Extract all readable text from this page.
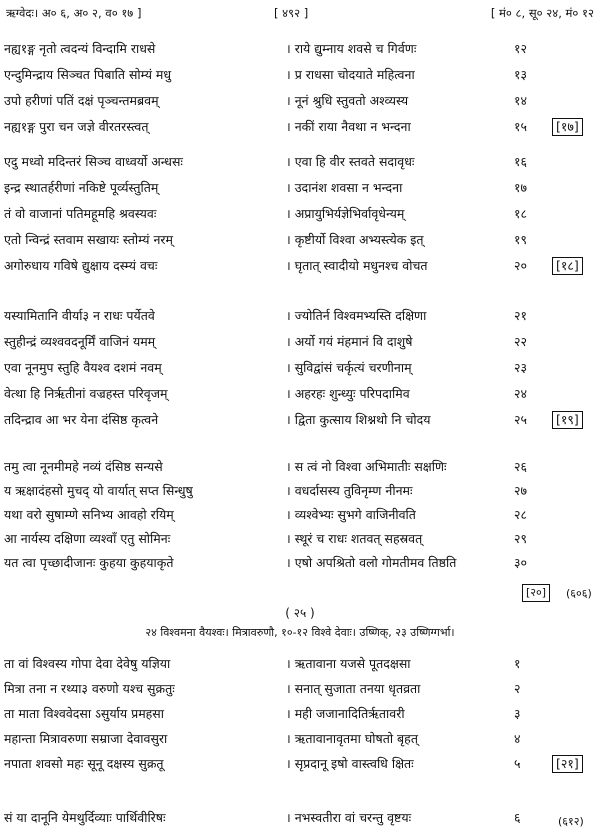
ऋग्वेदः। अ० ६, अ० २, व० १७ ]	[ ४९२ ]	[ मं० ८, सू० २४, मं० १२
नह्य१ङ्ग नृतो त्वदन्यं विन्दामि राधसे	। राये द्युम्नाय शवसे च गिर्वणः	१२
एन्दुमिन्द्राय सिञ्चत पिबाति सोम्यं मधु	। प्र राधसा चोदयाते महित्वना	१३
उपो हरीणां पतिं दक्षं पृञ्चन्तमब्रवम्	। नूनं श्रुधि स्तुवतो अश्व्यस्य	१४
नह्य१ङ्ग पुरा चन जज्ञे वीरतरस्त्वत्	। नकीं राया नैवथा न भन्दना	१५	[१७]
एदु मध्वो मदिन्तरं सिञ्च वाध्वर्यो अन्धसः	। एवा हि वीर स्तवते सदावृधः	१६
इन्द्र स्थातर्हरीणां नकिष्टे पूर्व्यस्तुतिम्	। उदानंश शवसा न भन्दना	१७
तं वो वाजानां पतिमहूमहि श्रवस्यवः	। अप्रायुभिर्यज्ञेभिर्वावृधेन्यम्	१८
एतो न्विन्द्रं स्तवाम सखायः स्तोम्यं नरम्	। कृष्टीर्यो विश्वा अभ्यस्त्येक इत्	१९
अगोरुधाय गविषे द्युक्षाय दस्म्यं वचः	। घृतात् स्वादीयो मधुनश्च वोचत	२०	[१८]
यस्यामितानि वीर्या३ न राधः पर्येतवे	। ज्योतिर्न विश्वमभ्यस्ति दक्षिणा	२१
स्तुहीन्द्रं व्यश्ववदनूर्मिं वाजिनं यमम्	। अर्यो गयं मंहमानं वि दाशुषे	२२
एवा नूनमुप स्तुहि वैयश्व दशमं नवम्	। सुविद्वांसं चर्कृत्यं चरणीनाम्	२३
वेत्था हि निर्ऋतीनां वज्रहस्त परिवृजम्	। अहरहः शुन्ध्युः परिपदामिव	२४
तदिन्द्राव आ भर येना दंसिष्ठ कृत्वने	। द्विता कुत्साय शिश्नथो नि चोदय	२५	[१९]
तमु त्वा नूनमीमहे नव्यं दंसिष्ठ सन्यसे	। स त्वं नो विश्वा अभिमातीः सक्षणिः	२६
य ऋक्षादंहसो मुचद् यो वार्यात् सप्त सिन्धुषु	। वधर्दासस्य तुविनृम्ण नीनमः	२७
यथा वरो सुषाम्णे सनिभ्य आवहो रयिम्	। व्यश्वेभ्यः सुभगे वाजिनीवति	२८
आ नार्यस्य दक्षिणा व्यश्वाँ एतु सोमिनः	। स्थूरं च राधः शतवत् सहस्रवत्	२९
यत त्वा पृच्छादीजानः कुहया कुहयाकृते	। एषो अपश्रितो वलो गोमतीमव तिष्ठति	३०
[२०]	(६०६)
( २५ )
२४ विश्वमना वैयश्वः। मित्रावरुणौ, १०-१२ विश्वे देवाः। उष्णिक्, २३ उष्णिग्गर्भा।
ता वां विश्वस्य गोपा देवा देवेषु यज्ञिया	। ऋतावाना यजसे पूतदक्षसा	१
मित्रा तना न रथ्या३ वरुणो यश्च सुक्रतुः	। सनात् सुजाता तनया धृतव्रता	२
ता माता विश्ववेदसा ऽसुर्याय प्रमहसा	। मही जजानादितिर्ऋतावरी	३
महान्ता मित्रावरुणा सम्राजा देवावसुरा	। ऋतावानावृतमा घोषतो बृहत्	४
नपाता शवसो महः सूनू दक्षस्य सुक्रतू	। सृप्रदानू इषो वास्त्वधि क्षितः	५	[२१]
सं या दानूनि येमथुर्दिव्याः पार्थिवीरिषः	। नभस्वतीरा वां चरन्तु वृष्टयः	६	(६१२)
